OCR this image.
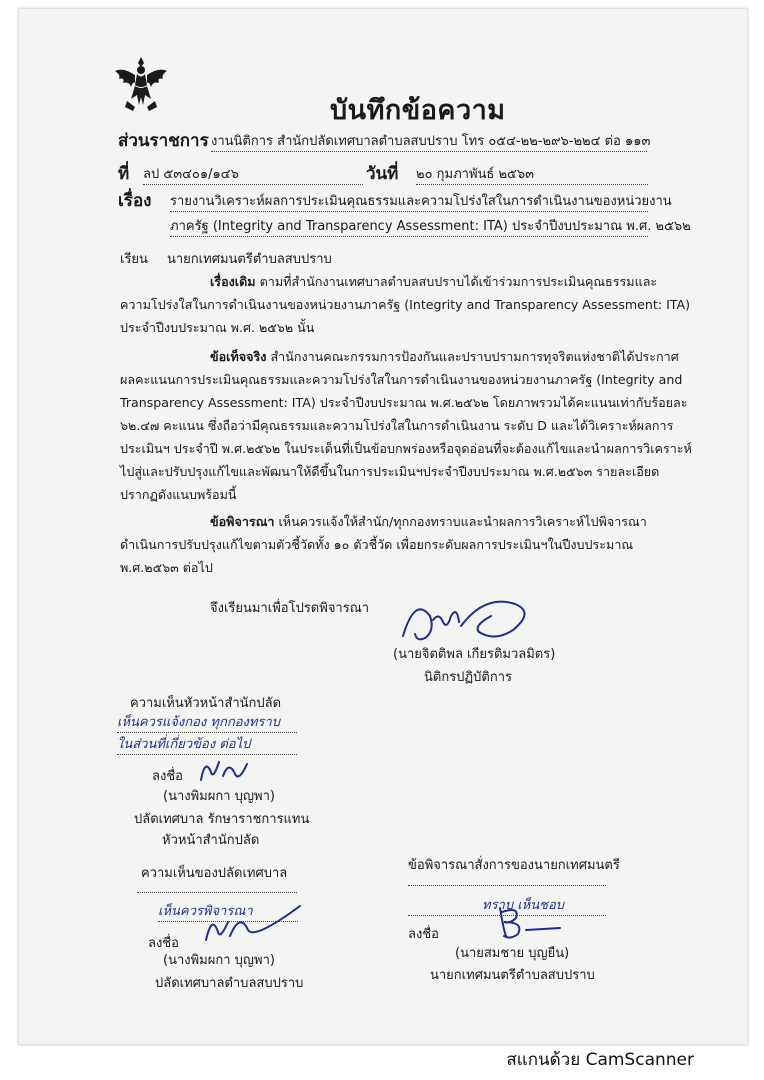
บันทึกข้อความ
ส่วนราชการ งานนิติการ สำนักปลัดเทศบาลตำบลสบปราบ โทร ๐๕๔-๒๒-๒๙๖-๒๒๔ ต่อ ๑๑๓
ที่ ลป ๕๓๔๐๑/๑๔๖	วันที่ ๒๐ กุมภาพันธ์ ๒๕๖๓
เรื่อง รายงานวิเคราะห์ผลการประเมินคุณธรรมและความโปร่งใสในการดำเนินงานของหน่วยงาน
ภาครัฐ (Integrity and Transparency Assessment: ITA) ประจำปีงบประมาณ พ.ศ. ๒๕๖๒
เรียน นายกเทศมนตรีตำบลสบปราบ
เรื่องเดิม ตามที่สำนักงานเทศบาลตำบลสบปราบได้เข้าร่วมการประเมินคุณธรรมและ
ความโปร่งใสในการดำเนินงานของหน่วยงานภาครัฐ (Integrity and Transparency Assessment: ITA)
ประจำปีงบประมาณ พ.ศ. ๒๕๖๒ นั้น
ข้อเท็จจริง สำนักงานคณะกรรมการป้องกันและปราบปรามการทุจริตแห่งชาติได้ประกาศ
ผลคะแนนการประเมินคุณธรรมและความโปร่งใสในการดำเนินงานของหน่วยงานภาครัฐ (Integrity and
Transparency Assessment: ITA) ประจำปีงบประมาณ พ.ศ.๒๕๖๒ โดยภาพรวมได้คะแนนเท่ากับร้อยละ
๖๒.๔๗ คะแนน ซึ่งถือว่ามีคุณธรรมและความโปร่งใสในการดำเนินงาน ระดับ D และได้วิเคราะห์ผลการ
ประเมินฯ ประจำปี พ.ศ.๒๕๖๒ ในประเด็นที่เป็นข้อบกพร่องหรือจุดอ่อนที่จะต้องแก้ไขและนำผลการวิเคราะห์
ไปสู่และปรับปรุงแก้ไขและพัฒนาให้ดีขึ้นในการประเมินฯประจำปีงบประมาณ พ.ศ.๒๕๖๓ รายละเอียด
ปรากฏดังแนบพร้อมนี้
ข้อพิจารณา เห็นควรแจ้งให้สำนัก/ทุกกองทราบและนำผลการวิเคราะห์ไปพิจารณา
ดำเนินการปรับปรุงแก้ไขตามตัวชี้วัดทั้ง ๑๐ ตัวชี้วัด เพื่อยกระดับผลการประเมินฯในปีงบประมาณ
พ.ศ.๒๕๖๓ ต่อไป
จึงเรียนมาเพื่อโปรดพิจารณา
(นายจิตติพล เกียรติมวลมิตร)
นิติกรปฏิบัติการ
ความเห็นหัวหน้าสำนักปลัด
เห็นควรแจ้งกอง ทุกกองทราบ
ในส่วนที่เกี่ยวข้อง ต่อไป
ลงชื่อ
(นางพิมผกา บุญพา)
ปลัดเทศบาล รักษาราชการแทน
หัวหน้าสำนักปลัด
ความเห็นของปลัดเทศบาล
เห็นควรพิจารณา
ลงชื่อ
(นางพิมผกา บุญพา)
ปลัดเทศบาลตำบลสบปราบ
ข้อพิจารณาสั่งการของนายกเทศมนตรี
ทราบ เห็นชอบ
ลงชื่อ
(นายสมชาย บุญยืน)
นายกเทศมนตรีตำบลสบปราบ
สแกนด้วย CamScanner
